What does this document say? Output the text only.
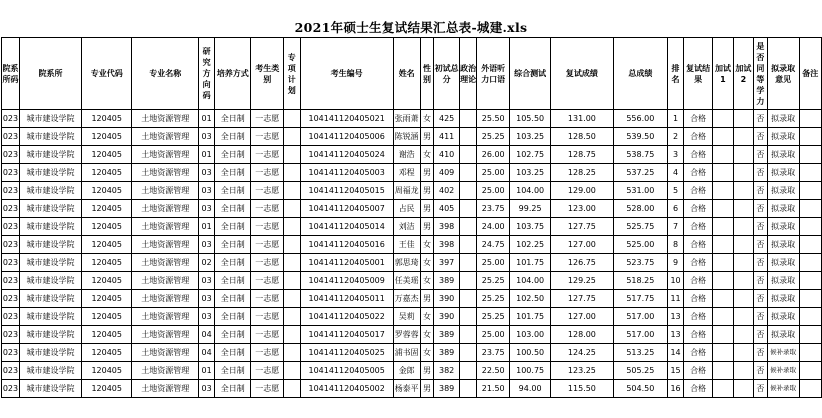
2021年硕士生复试结果汇总表-城建.xls
院系所码	院系所	专业代码	专业名称	研究方向码	培养方式	考生类别	专项计划	考生编号	姓名	性别	初试总分	政治理论	外语听力口语	综合测试	复试成绩	总成绩	排名	复试结果	加试1	加试2	是否同等学力	拟录取意见	备注
023	城市建设学院	120405	土地资源管理	01	全日制	一志愿		104141120405021	张雨萧	女	425		25.50	105.50	131.00	556.00	1	合格			否	拟录取	
023	城市建设学院	120405	土地资源管理	03	全日制	一志愿		104141120405006	陈锐涵	男	411		25.25	103.25	128.50	539.50	2	合格			否	拟录取	
023	城市建设学院	120405	土地资源管理	01	全日制	一志愿		104141120405024	谢浩	女	410		26.00	102.75	128.75	538.75	3	合格			否	拟录取	
023	城市建设学院	120405	土地资源管理	03	全日制	一志愿		104141120405003	邓程	男	409		25.00	103.25	128.25	537.25	4	合格			否	拟录取	
023	城市建设学院	120405	土地资源管理	03	全日制	一志愿		104141120405015	周福龙	男	402		25.00	104.00	129.00	531.00	5	合格			否	拟录取	
023	城市建设学院	120405	土地资源管理	03	全日制	一志愿		104141120405007	占民	男	405		23.75	99.25	123.00	528.00	6	合格			否	拟录取	
023	城市建设学院	120405	土地资源管理	01	全日制	一志愿		104141120405014	刘洁	男	398		24.00	103.75	127.75	525.75	7	合格			否	拟录取	
023	城市建设学院	120405	土地资源管理	03	全日制	一志愿		104141120405016	王佳	女	398		24.75	102.25	127.00	525.00	8	合格			否	拟录取	
023	城市建设学院	120405	土地资源管理	02	全日制	一志愿		104141120405001	郭思琦	女	397		25.00	101.75	126.75	523.75	9	合格			否	拟录取	
023	城市建设学院	120405	土地资源管理	03	全日制	一志愿		104141120405009	任美瑶	女	389		25.25	104.00	129.25	518.25	10	合格			否	拟录取	
023	城市建设学院	120405	土地资源管理	03	全日制	一志愿		104141120405011	万嘉杰	男	390		25.25	102.50	127.75	517.75	11	合格			否	拟录取	
023	城市建设学院	120405	土地资源管理	03	全日制	一志愿		104141120405022	吴莉	女	390		25.25	101.75	127.00	517.00	13	合格			否	拟录取	
023	城市建设学院	120405	土地资源管理	04	全日制	一志愿		104141120405017	罗蓉蓉	女	389		25.00	103.00	128.00	517.00	13	合格			否	拟录取	
023	城市建设学院	120405	土地资源管理	04	全日制	一志愿		104141120405025	浦书固	女	389		23.75	100.50	124.25	513.25	14	合格			否	候补录取	
023	城市建设学院	120405	土地资源管理	01	全日制	一志愿		104141120405005	金郎	男	382		22.50	100.75	123.25	505.25	15	合格			否	候补录取	
023	城市建设学院	120405	土地资源管理	03	全日制	一志愿		104141120405002	杨泰平	男	389		21.50	94.00	115.50	504.50	16	合格			否	候补录取	
